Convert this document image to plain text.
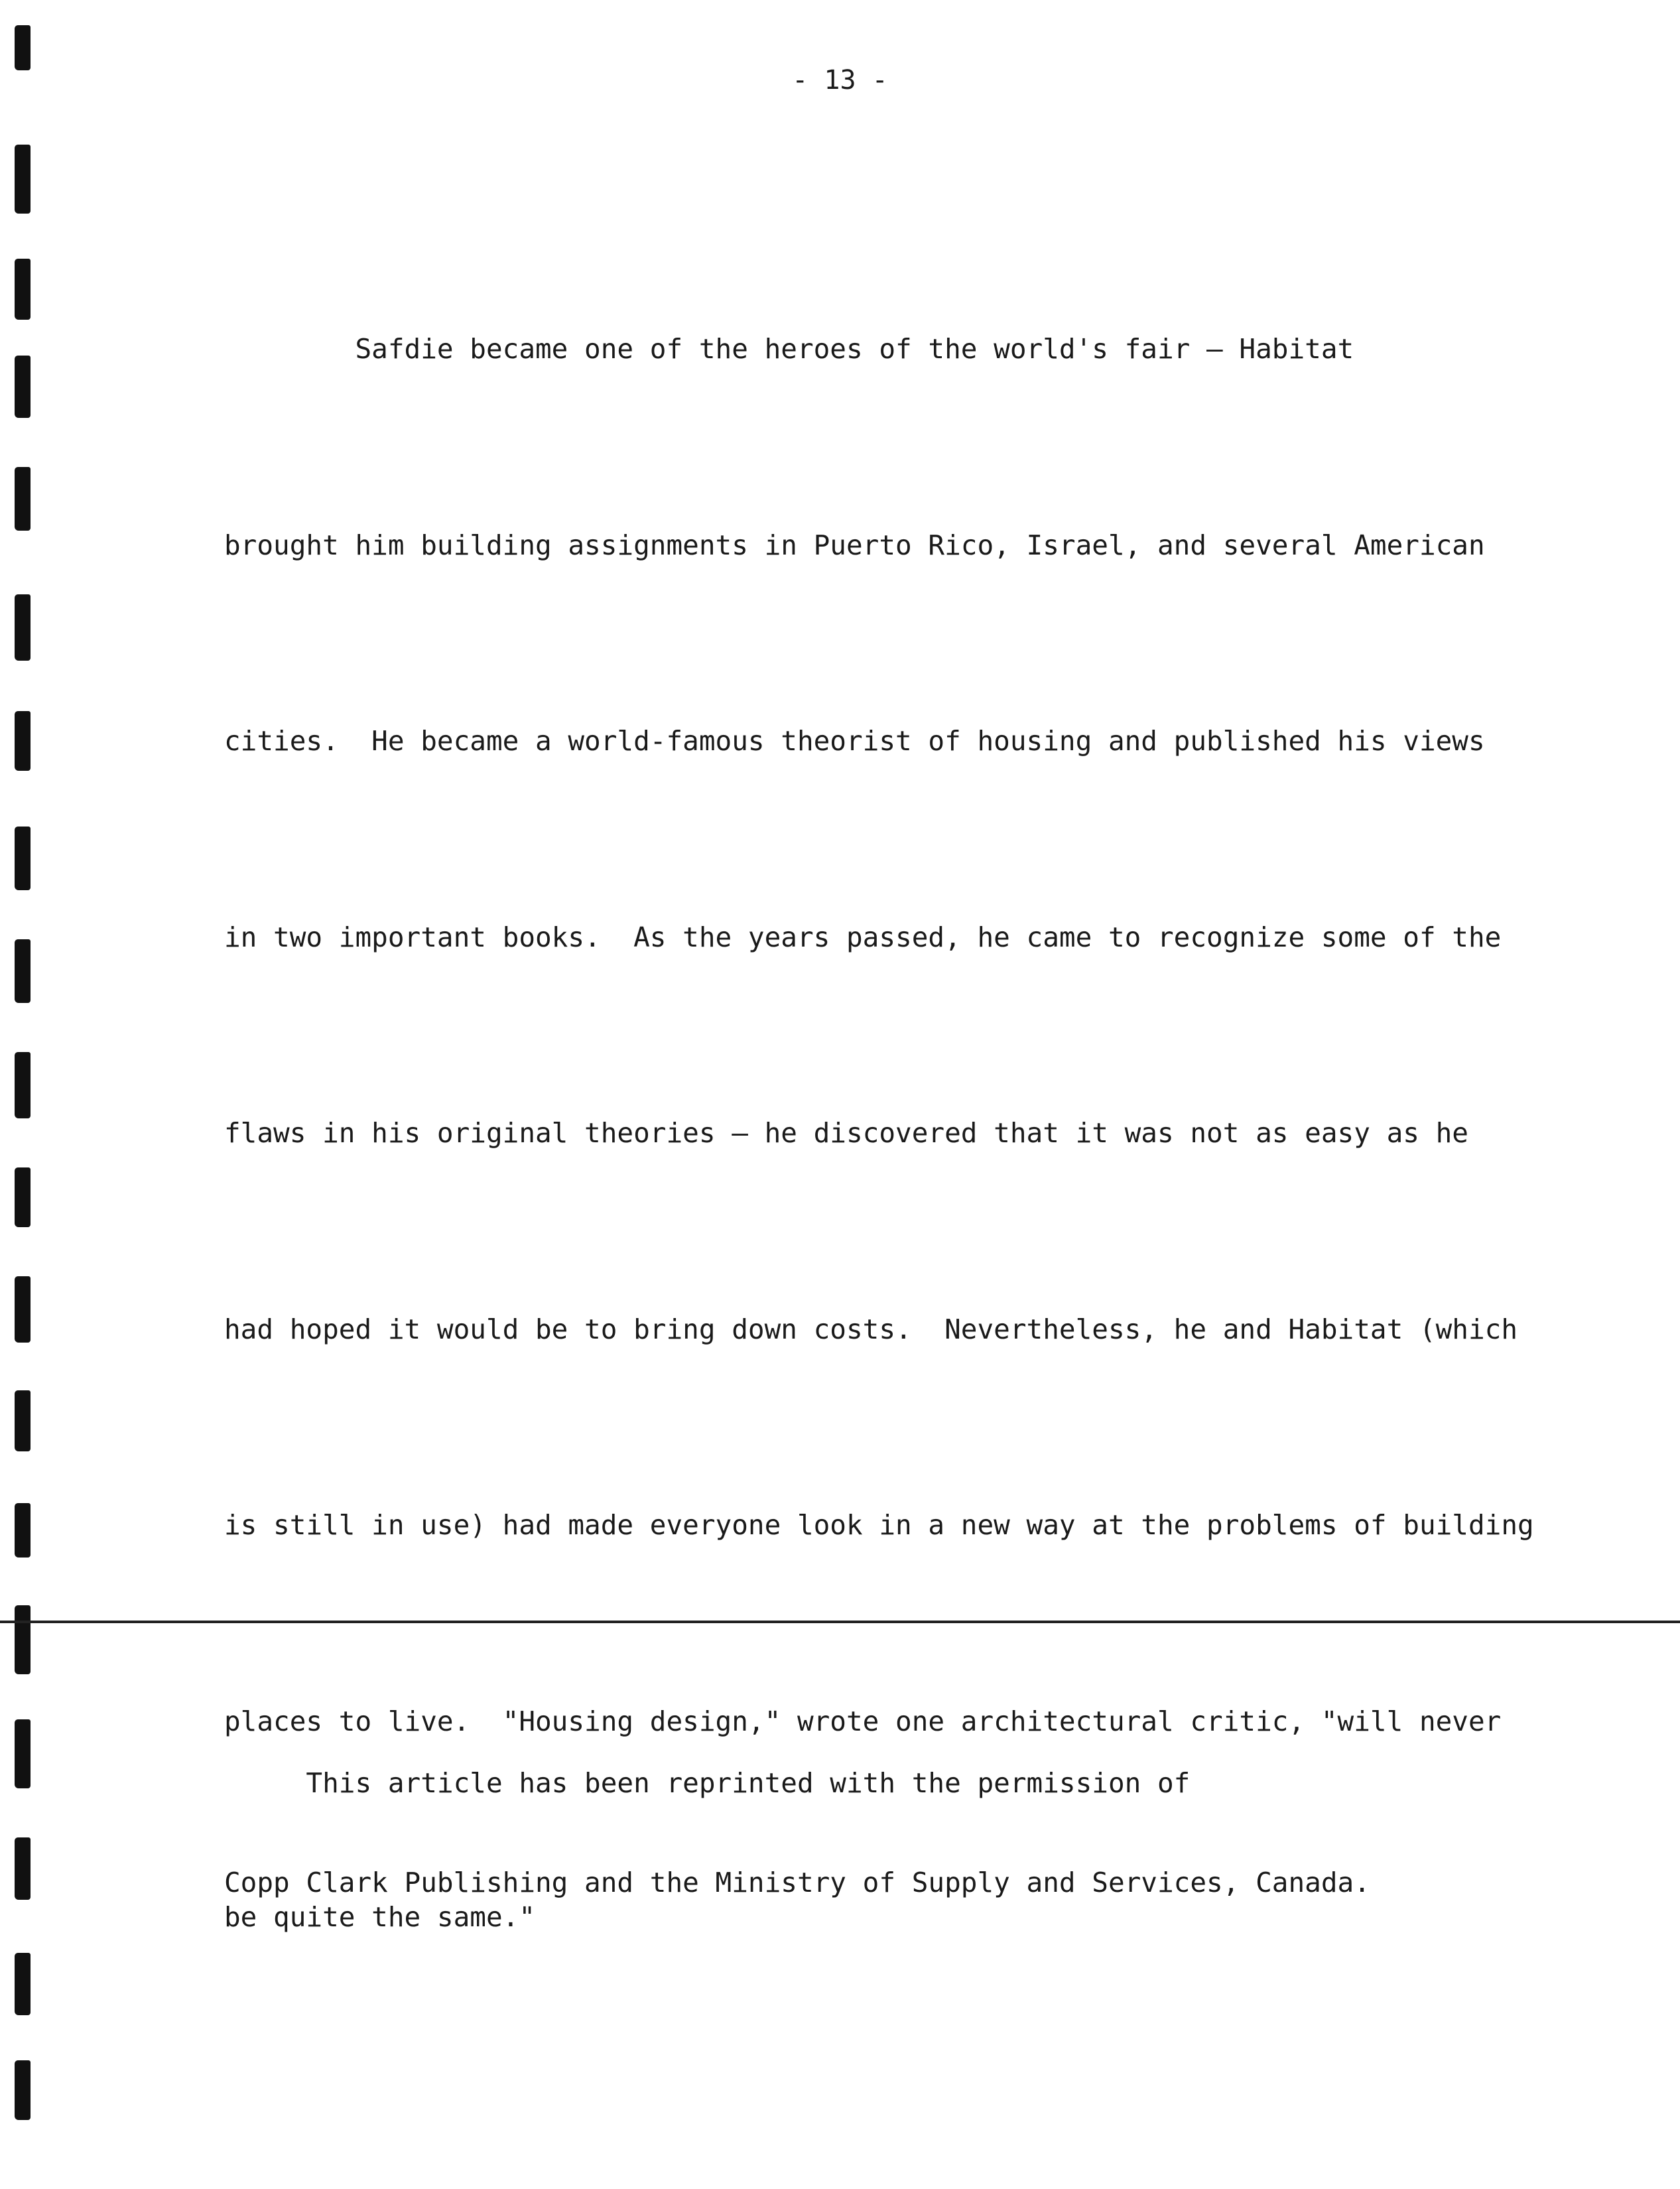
- 13 -

Safdie became one of the heroes of the world's fair — Habitat

brought him building assignments in Puerto Rico, Israel, and several American

cities.  He became a world-famous theorist of housing and published his views

in two important books.  As the years passed, he came to recognize some of the

flaws in his original theories — he discovered that it was not as easy as he

had hoped it would be to bring down costs.  Nevertheless, he and Habitat (which

is still in use) had made everyone look in a new way at the problems of building

places to live.  "Housing design," wrote one architectural critic, "will never

be quite the same."

This article has been reprinted with the permission of

Copp Clark Publishing and the Ministry of Supply and Services, Canada.
